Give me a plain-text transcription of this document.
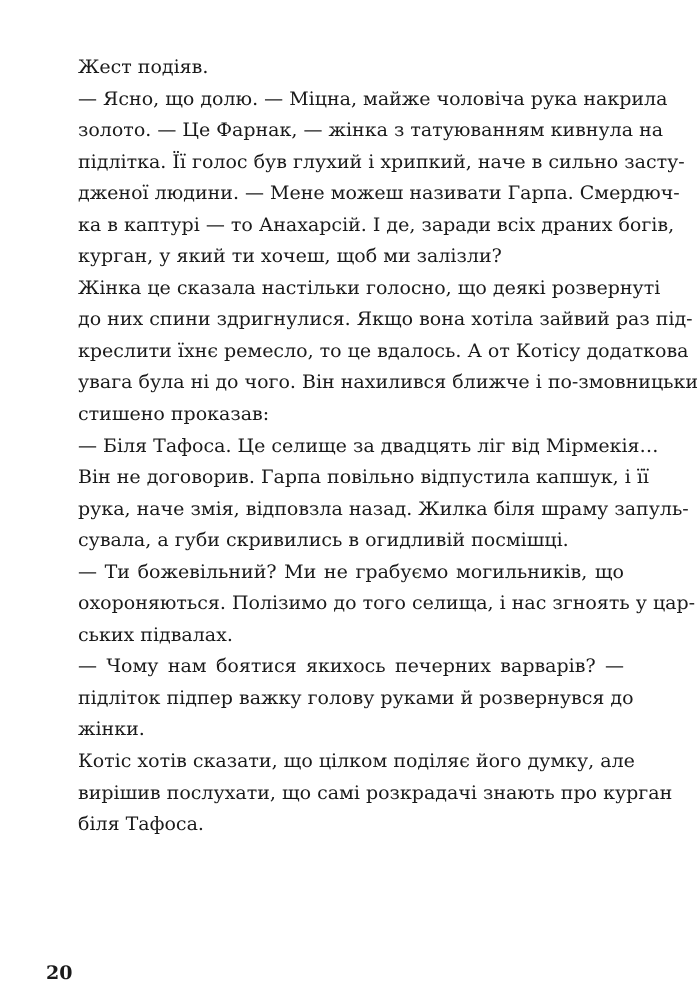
Жест подіяв.
— Ясно, що долю. — Міцна, майже чоловіча рука накрила
золото. — Це Фарнак, — жінка з татуюванням кивнула на
підлітка. Її голос був глухий і хрипкий, наче в сильно засту-
дженої людини. — Мене можеш називати Гарпа. Смердюч-
ка в каптурі — то Анахарсій. І де, заради всіх драних богів,
курган, у який ти хочеш, щоб ми залізли?
Жінка це сказала настільки голосно, що деякі розвернуті
до них спини здригнулися. Якщо вона хотіла зайвий раз під-
креслити їхнє ремесло, то це вдалось. А от Котісу додаткова
увага була ні до чого. Він нахилився ближче і по-змовницьки
стишено проказав:
— Біля Тафоса. Це селище за двадцять ліг від Мірмекія…
Він не договорив. Гарпа повільно відпустила капшук, і її
рука, наче змія, відповзла назад. Жилка біля шраму запуль-
сувала, а губи скривились в огидливій посмішці.
— Ти божевільний? Ми не грабуємо могильників, що
охороняються. Полізимо до того селища, і нас згноять у цар-
ських підвалах.
— Чому нам боятися якихось печерних варварів? —
підліток підпер важку голову руками й розвернувся до
жінки.
Котіс хотів сказати, що цілком поділяє його думку, але
вирішив послухати, що самі розкрадачі знають про курган
біля Тафоса.
20
